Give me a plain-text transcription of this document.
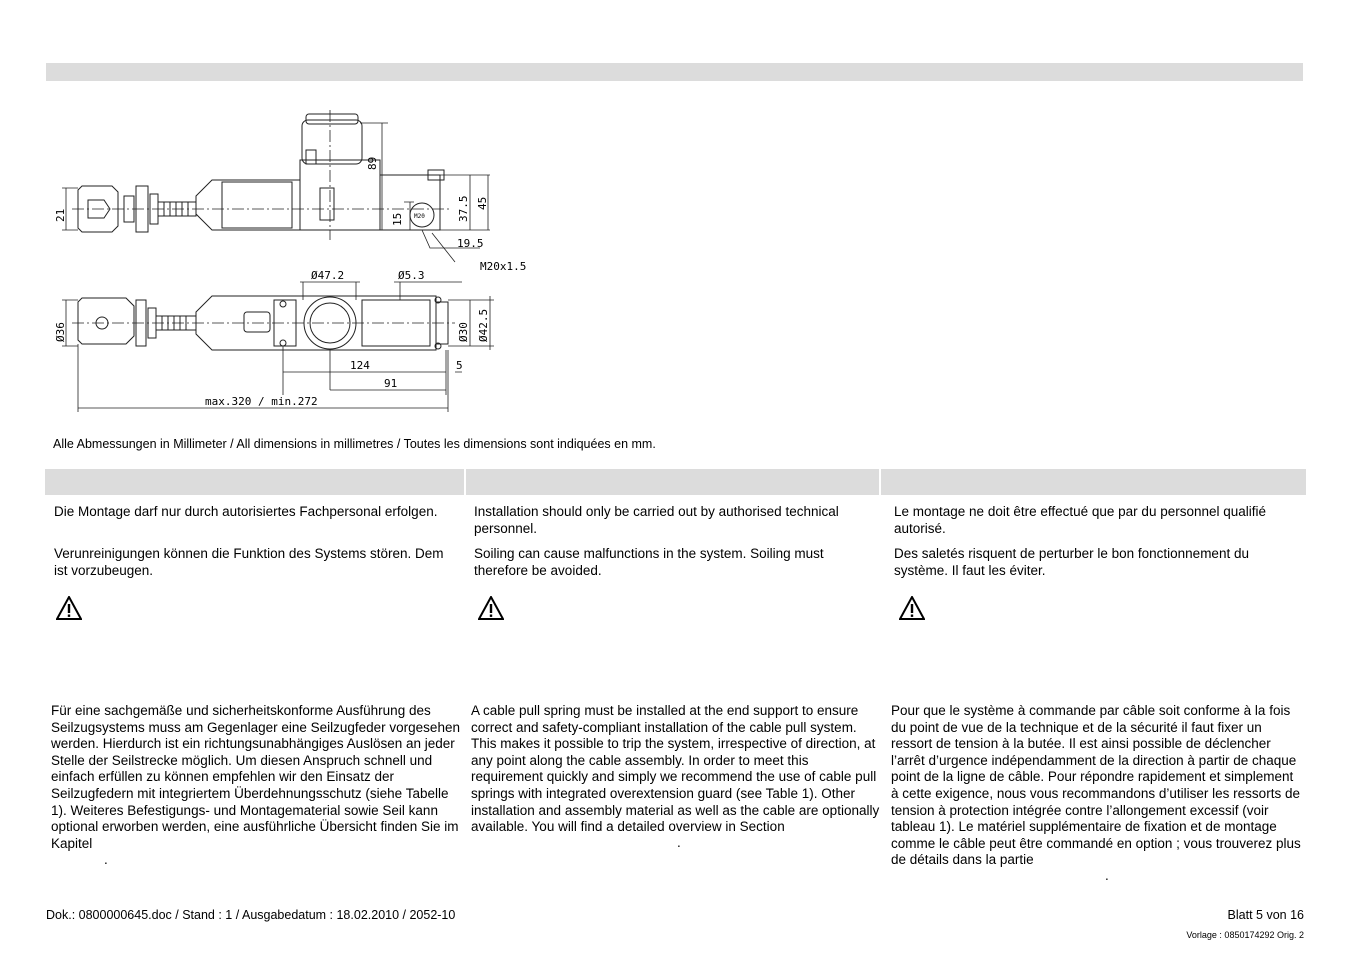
89
21	15	37.5 45
M20
19.5
M20x1.5
Ø47.2	Ø5.3
Ø36	Ø30 Ø42.5
124	5
91
max.320 / min.272
Alle Abmessungen in Millimeter / All dimensions in millimetres / Toutes les dimensions sont indiquées en mm.
Die Montage darf nur durch autorisiertes Fachpersonal erfolgen.
Verunreinigungen können die Funktion des Systems stören. Dem ist vorzubeugen.
Für eine sachgemäße und sicherheitskonforme Ausführung des Seilzugsystems muss am Gegenlager eine Seilzugfeder vorgesehen werden. Hierdurch ist ein richtungsunabhängiges Auslösen an jeder Stelle der Seilstrecke möglich. Um diesen Anspruch schnell und einfach erfüllen zu können empfehlen wir den Einsatz der Seilzugfedern mit integriertem Überdehnungsschutz (siehe Tabelle 1). Weiteres Befestigungs- und Montagematerial sowie Seil kann optional erworben werden, eine ausführliche Übersicht finden Sie im Kapitel
.
Installation should only be carried out by authorised technical personnel.
Soiling can cause malfunctions in the system. Soiling must therefore be avoided.
A cable pull spring must be installed at the end support to ensure correct and safety-compliant installation of the cable pull system. This makes it possible to trip the system, irrespective of direction, at any point along the cable assembly. In order to meet this requirement quickly and simply we recommend the use of cable pull springs with integrated overextension guard (see Table 1). Other installation and assembly material as well as the cable are optionally available. You will find a detailed overview in Section
.
Le montage ne doit être effectué que par du personnel qualifié autorisé.
Des saletés risquent de perturber le bon fonctionnement du système. Il faut les éviter.
Pour que le système à commande par câble soit conforme à la fois du point de vue de la technique et de la sécurité il faut fixer un ressort de tension à la butée. Il est ainsi possible de déclencher l’arrêt d’urgence indépendamment de la direction à partir de chaque point de la ligne de câble. Pour répondre rapidement et simplement à cette exigence, nous vous recommandons d’utiliser les ressorts de tension à protection intégrée contre l’allongement excessif (voir tableau 1). Le matériel supplémentaire de fixation et de montage comme le câble peut être commandé en option ; vous trouverez plus de détails dans la partie
.
Dok.: 0800000645.doc / Stand : 1 / Ausgabedatum : 18.02.2010 / 2052-10	Blatt 5 von 16
Vorlage : 0850174292 Orig. 2
